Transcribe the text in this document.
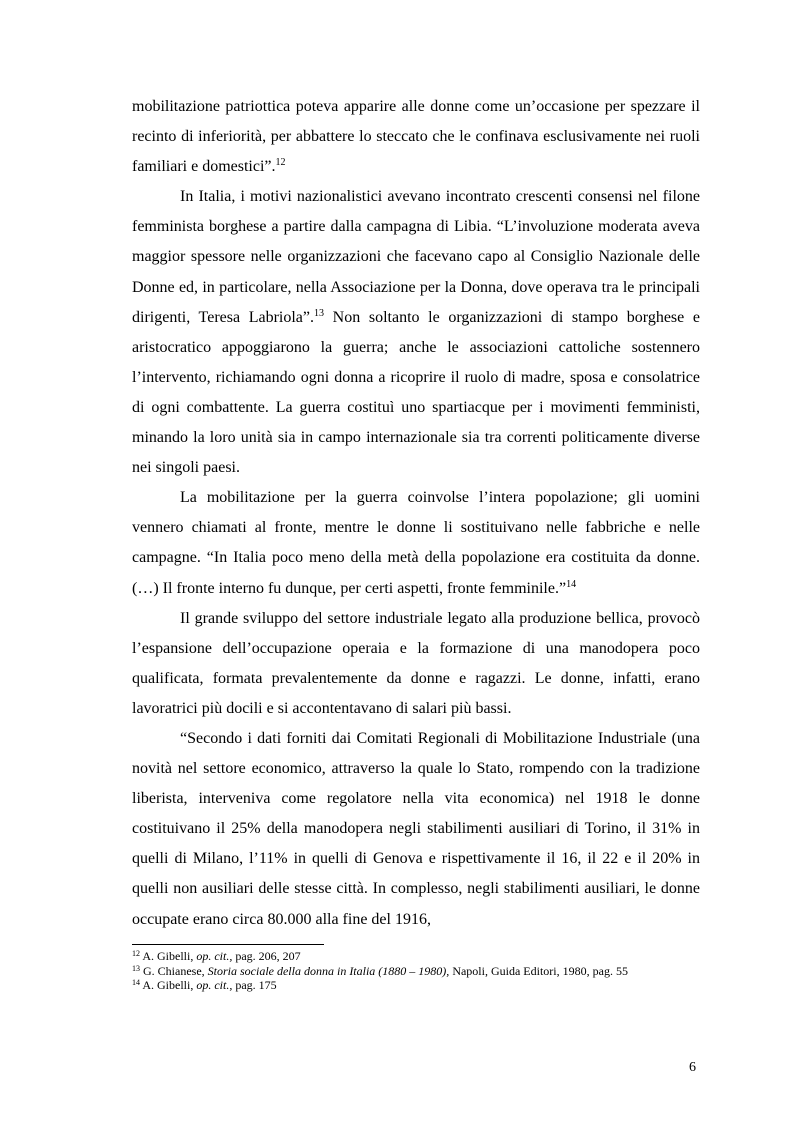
mobilitazione patriottica poteva apparire alle donne come un’occasione per spezzare il recinto di inferiorità, per abbattere lo steccato che le confinava esclusivamente nei ruoli familiari e domestici”.$^{12}$

In Italia, i motivi nazionalistici avevano incontrato crescenti consensi nel filone femminista borghese a partire dalla campagna di Libia. “L’involuzione moderata aveva maggior spessore nelle organizzazioni che facevano capo al Consiglio Nazionale delle Donne ed, in particolare, nella Associazione per la Donna, dove operava tra le principali dirigenti, Teresa Labriola”.$^{13}$ Non soltanto le organizzazioni di stampo borghese e aristocratico appoggiarono la guerra; anche le associazioni cattoliche sostennero l’intervento, richiamando ogni donna a ricoprire il ruolo di madre, sposa e consolatrice di ogni combattente. La guerra costituì uno spartiacque per i movimenti femministi, minando la loro unità sia in campo internazionale sia tra correnti politicamente diverse nei singoli paesi.

La mobilitazione per la guerra coinvolse l’intera popolazione; gli uomini vennero chiamati al fronte, mentre le donne li sostituivano nelle fabbriche e nelle campagne. “In Italia poco meno della metà della popolazione era costituita da donne. (…) Il fronte interno fu dunque, per certi aspetti, fronte femminile.”$^{14}$

Il grande sviluppo del settore industriale legato alla produzione bellica, provocò l’espansione dell’occupazione operaia e la formazione di una manodopera poco qualificata, formata prevalentemente da donne e ragazzi. Le donne, infatti, erano lavoratrici più docili e si accontentavano di salari più bassi.

“Secondo i dati forniti dai Comitati Regionali di Mobilitazione Industriale (una novità nel settore economico, attraverso la quale lo Stato, rompendo con la tradizione liberista, interveniva come regolatore nella vita economica) nel 1918 le donne costituivano il 25% della manodopera negli stabilimenti ausiliari di Torino, il 31% in quelli di Milano, l’11% in quelli di Genova e rispettivamente il 16, il 22 e il 20% in quelli non ausiliari delle stesse città. In complesso, negli stabilimenti ausiliari, le donne occupate erano circa 80.000 alla fine del 1916,

$^{12}$ A. Gibelli, op. cit., pag. 206, 207
$^{13}$ G. Chianese, Storia sociale della donna in Italia (1880 – 1980), Napoli, Guida Editori, 1980, pag. 55
$^{14}$ A. Gibelli, op. cit., pag. 175
6
